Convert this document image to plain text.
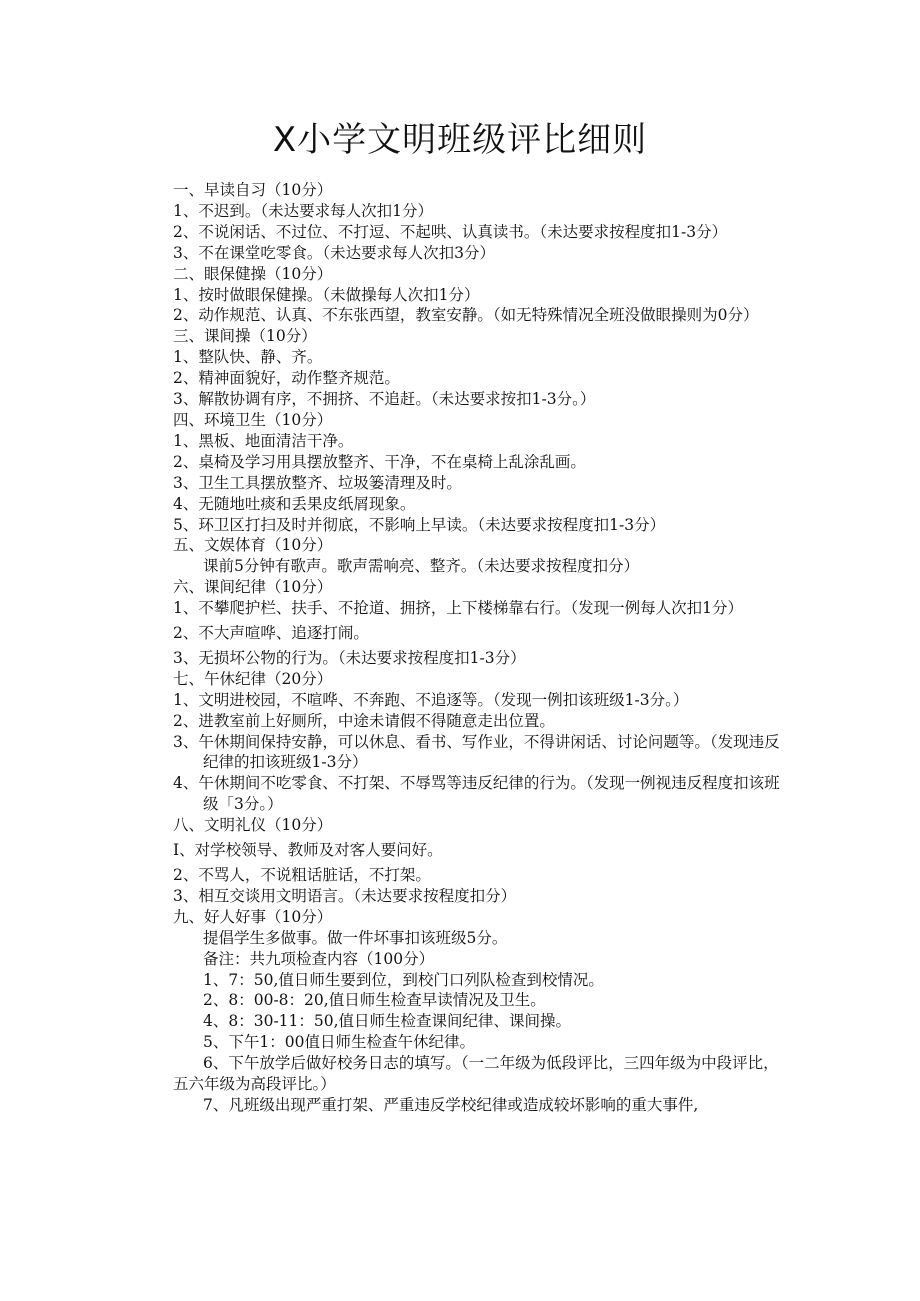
X小学文明班级评比细则
一、早读自习（10分）
1、不迟到。（未达要求每人次扣1分）
2、不说闲话、不过位、不打逗、不起哄、认真读书。（未达要求按程度扣1-3分）
3、不在课堂吃零食。（未达要求每人次扣3分）
二、眼保健操（10分）
1、按时做眼保健操。（未做操每人次扣1分）
2、动作规范、认真、不东张西望，教室安静。（如无特殊情况全班没做眼操则为0分）
三、课间操（10分）
1、整队快、静、齐。
2、精神面貌好，动作整齐规范。
3、解散协调有序，不拥挤、不追赶。（未达要求按扣1-3分。）
四、环境卫生（10分）
1、黑板、地面清洁干净。
2、桌椅及学习用具摆放整齐、干净，不在桌椅上乱涂乱画。
3、卫生工具摆放整齐、垃圾篓清理及时。
4、无随地吐痰和丢果皮纸屑现象。
5、环卫区打扫及时并彻底，不影响上早读。（未达要求按程度扣1-3分）
五、文娱体育（10分）
课前5分钟有歌声。歌声需响亮、整齐。（未达要求按程度扣分）
六、课间纪律（10分）
1、不攀爬护栏、扶手、不抢道、拥挤，上下楼梯靠右行。（发现一例每人次扣1分）
2、不大声喧哗、追逐打闹。
3、无损坏公物的行为。（未达要求按程度扣1-3分）
七、午休纪律（20分）
1、文明进校园，不喧哗、不奔跑、不追逐等。（发现一例扣该班级1-3分。）
2、进教室前上好厕所，中途未请假不得随意走出位置。
3、午休期间保持安静，可以休息、看书、写作业，不得讲闲话、讨论问题等。（发现违反纪律的扣该班级1-3分）
4、午休期间不吃零食、不打架、不辱骂等违反纪律的行为。（发现一例视违反程度扣该班级「3分。）
八、文明礼仪（10分）
I、对学校领导、教师及对客人要问好。
2、不骂人，不说粗话脏话，不打架。
3、相互交谈用文明语言。（未达要求按程度扣分）
九、好人好事（10分）
提倡学生多做事。做一件坏事扣该班级5分。
备注：共九项检查内容（100分）
1、7：50,值日师生要到位，到校门口列队检查到校情况。
2、8：00-8：20,值日师生检查早读情况及卫生。
4、8：30-11：50,值日师生检查课间纪律、课间操。
5、下午1：00值日师生检查午休纪律。
6、下午放学后做好校务日志的填写。（一二年级为低段评比，三四年级为中段评比，五六年级为高段评比。）
7、凡班级出现严重打架、严重违反学校纪律或造成较坏影响的重大事件,
